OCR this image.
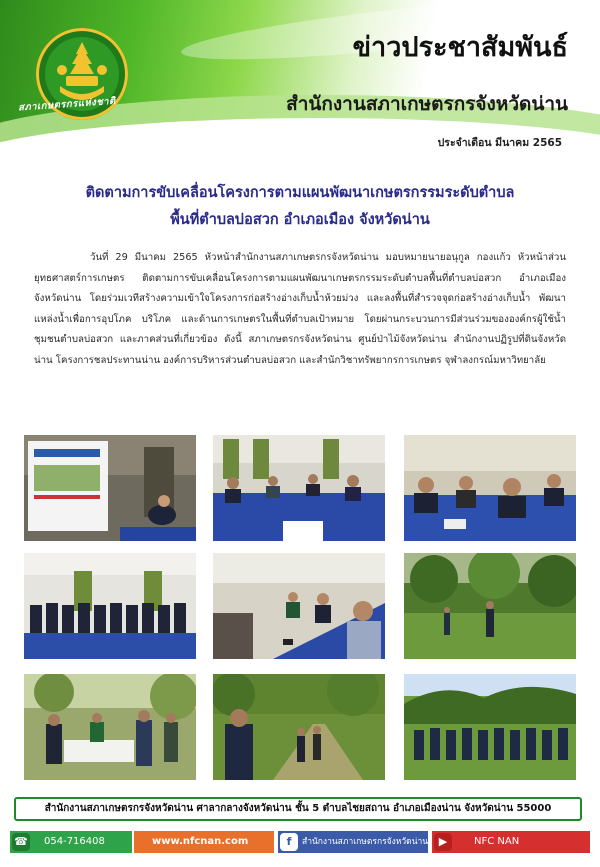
สภาเกษตรกรแห่งชาติ
ข่าวประชาสัมพันธ์
สำนักงานสภาเกษตรกรจังหวัดน่าน
ประจำเดือน มีนาคม 2565
ติดตามการขับเคลื่อนโครงการตามแผนพัฒนาเกษตรกรรมระดับตำบล
พื้นที่ตำบลบ่อสวก อำเภอเมือง จังหวัดน่าน
วันที่ 29 มีนาคม 2565 หัวหน้าสำนักงานสภาเกษตรกรจังหวัดน่าน มอบหมายนายอนุกูล กองแก้ว หัวหน้าส่วนยุทธศาสตร์การเกษตร ติดตามการขับเคลื่อนโครงการตามแผนพัฒนาเกษตรกรรมระดับตำบลพื้นที่ตำบลบ่อสวก อำเภอเมือง จังหวัดน่าน โดยร่วมเวทีสร้างความเข้าใจโครงการก่อสร้างอ่างเก็บน้ำห้วยม่วง และลงพื้นที่สำรวจจุดก่อสร้างอ่างเก็บน้ำ พัฒนาแหล่งน้ำเพื่อการอุปโภค บริโภค และด้านการเกษตรในพื้นที่ตำบลเป้าหมาย โดยผ่านกระบวนการมีส่วนร่วมขององค์กรผู้ใช้น้ำชุมชนตำบลบ่อสวก และภาคส่วนที่เกี่ยวข้อง ดังนี้ สภาเกษตรกรจังหวัดน่าน ศูนย์ป่าไม้จังหวัดน่าน สำนักงานปฏิรูปที่ดินจังหวัดน่าน โครงการชลประทานน่าน องค์การบริหารส่วนตำบลบ่อสวก และสำนักวิชาทรัพยากรการเกษตร จุฬาลงกรณ์มหาวิทยาลัย
สำนักงานสภาเกษตรกรจังหวัดน่าน ศาลากลางจังหวัดน่าน ชั้น 5 ตำบลไชยสถาน อำเภอเมืองน่าน จังหวัดน่าน 55000
☎ 054-716408	www.nfcnan.com	f	สำนักงานสภาเกษตรกรจังหวัดน่าน ▶	NFC NAN
